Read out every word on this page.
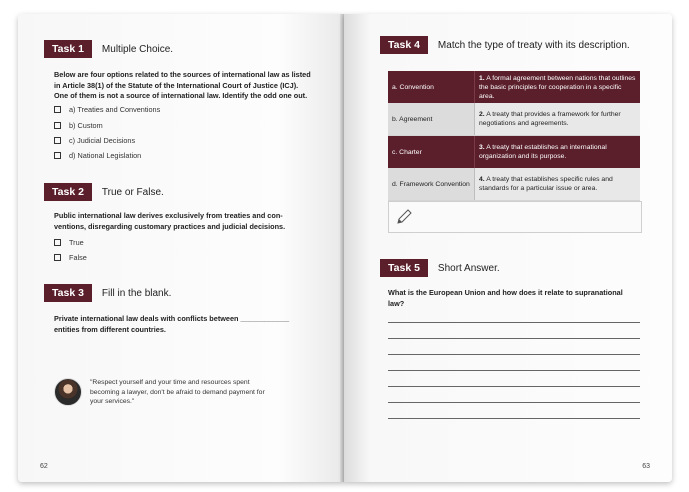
Task 1	Multiple Choice.
Below are four options related to the sources of international law as listed
in Article 38(1) of the Statute of the International Court of Justice (ICJ).
One of them is not a source of international law. Identify the odd one out.
a) Treaties and Conventions
b) Custom
c) Judicial Decisions
d) National Legislation
Task 2	True or False.
Public international law derives exclusively from treaties and con-
ventions, disregarding customary practices and judicial decisions.
True
False
Task 3	Fill in the blank.
Private international law deals with conflicts between ____________
entities from different countries.
"Respect yourself and your time and resources spent
becoming a lawyer, don't be afraid to demand payment for
your services."
62
Task 4	Match the type of treaty with its description.
a. Convention	1. A formal agreement between nations that outlines the basic principles for cooperation in a specific area.
b. Agreement	2. A treaty that provides a framework for further negotiations and agreements.
c. Charter	3. A treaty that establishes an international organization and its purpose.
d. Framework Convention	4. A treaty that establishes specific rules and standards for a particular issue or area.
Task 5	Short Answer.
What is the European Union and how does it relate to supranational
law?
63
